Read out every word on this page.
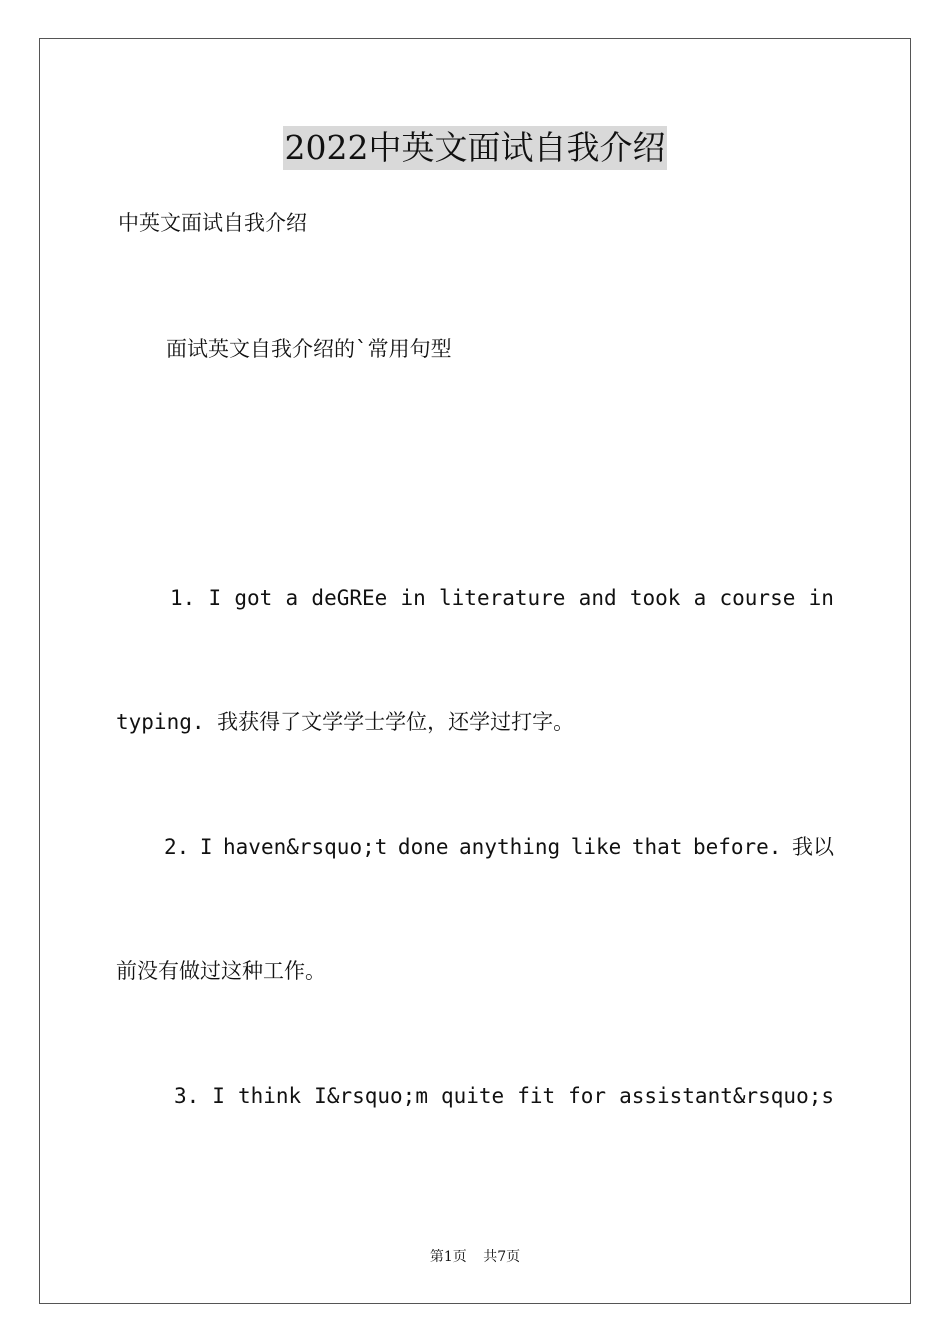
2022中英文面试自我介绍
中英文面试自我介绍
面试英文自我介绍的`常用句型
1. I got a deGREe in literature and took a course in
typing. 我获得了文学学士学位，还学过打字。
2. I haven&rsquo;t done anything like that before. 我以
前没有做过这种工作。
3. I think I&rsquo;m quite fit for assistant&rsquo;s
第1页 共7页
